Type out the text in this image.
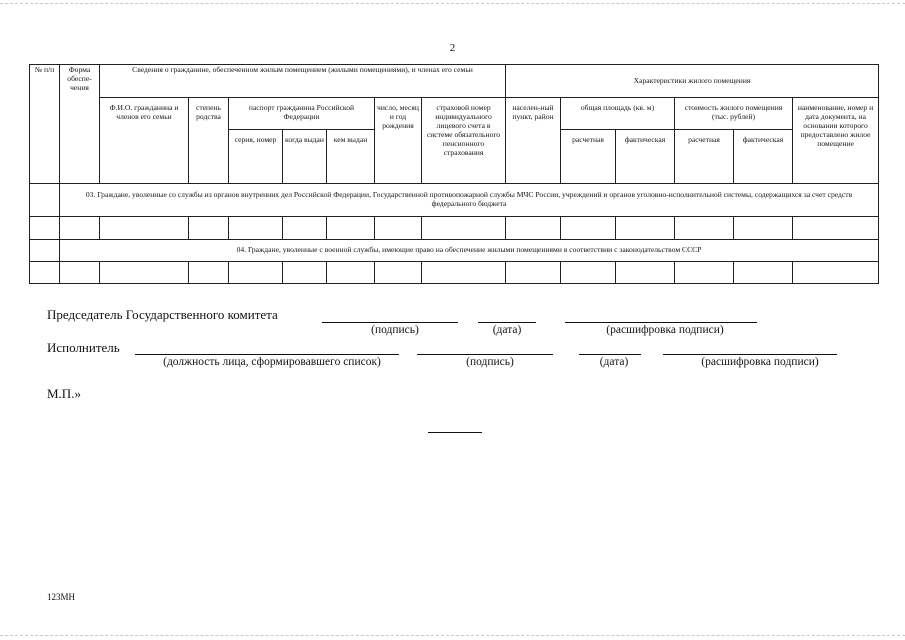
2
№ п/п	Форма обеспе-чения	Сведения о гражданине, обеспеченном жилым помещением (жилыми помещениями), и членах его семьи							Характеристики жилого помещения					
		Ф.И.О. гражданина и членов его семьи	степень родства	паспорт гражданина Российской Федерации			число, месяц и год рождения	страховой номер индивидуального лицевого счета в системе обязательного пенсионного страхования	населен-ный пункт, район	общая площадь (кв. м)		стоимость жилого помещения (тыс. рублей)		наименование, номер и дата документа, на основании которого предоставлено жилое помещение
				серия, номер	когда выдан	кем выдан				расчетная	фактическая	расчетная	фактическая	
	03. Граждане, уволенные со службы из органов внутренних дел Российской Федерации, Государственной противопожарной службы МЧС России, учреждений и органов уголовно-исполнительной системы, содержащихся за счет средств федерального бюджета													

	04. Граждане, уволенные с военной службы, имеющие право на обеспечение жилыми помещениями в соответствии с законодательством СССР													

Председатель Государственного комитета
(подпись)	(дата)	(расшифровка подписи)
Исполнитель
(должность лица, сформировавшего список)	(подпись)	(дата)	(расшифровка подписи)
М.П.»
123МН
